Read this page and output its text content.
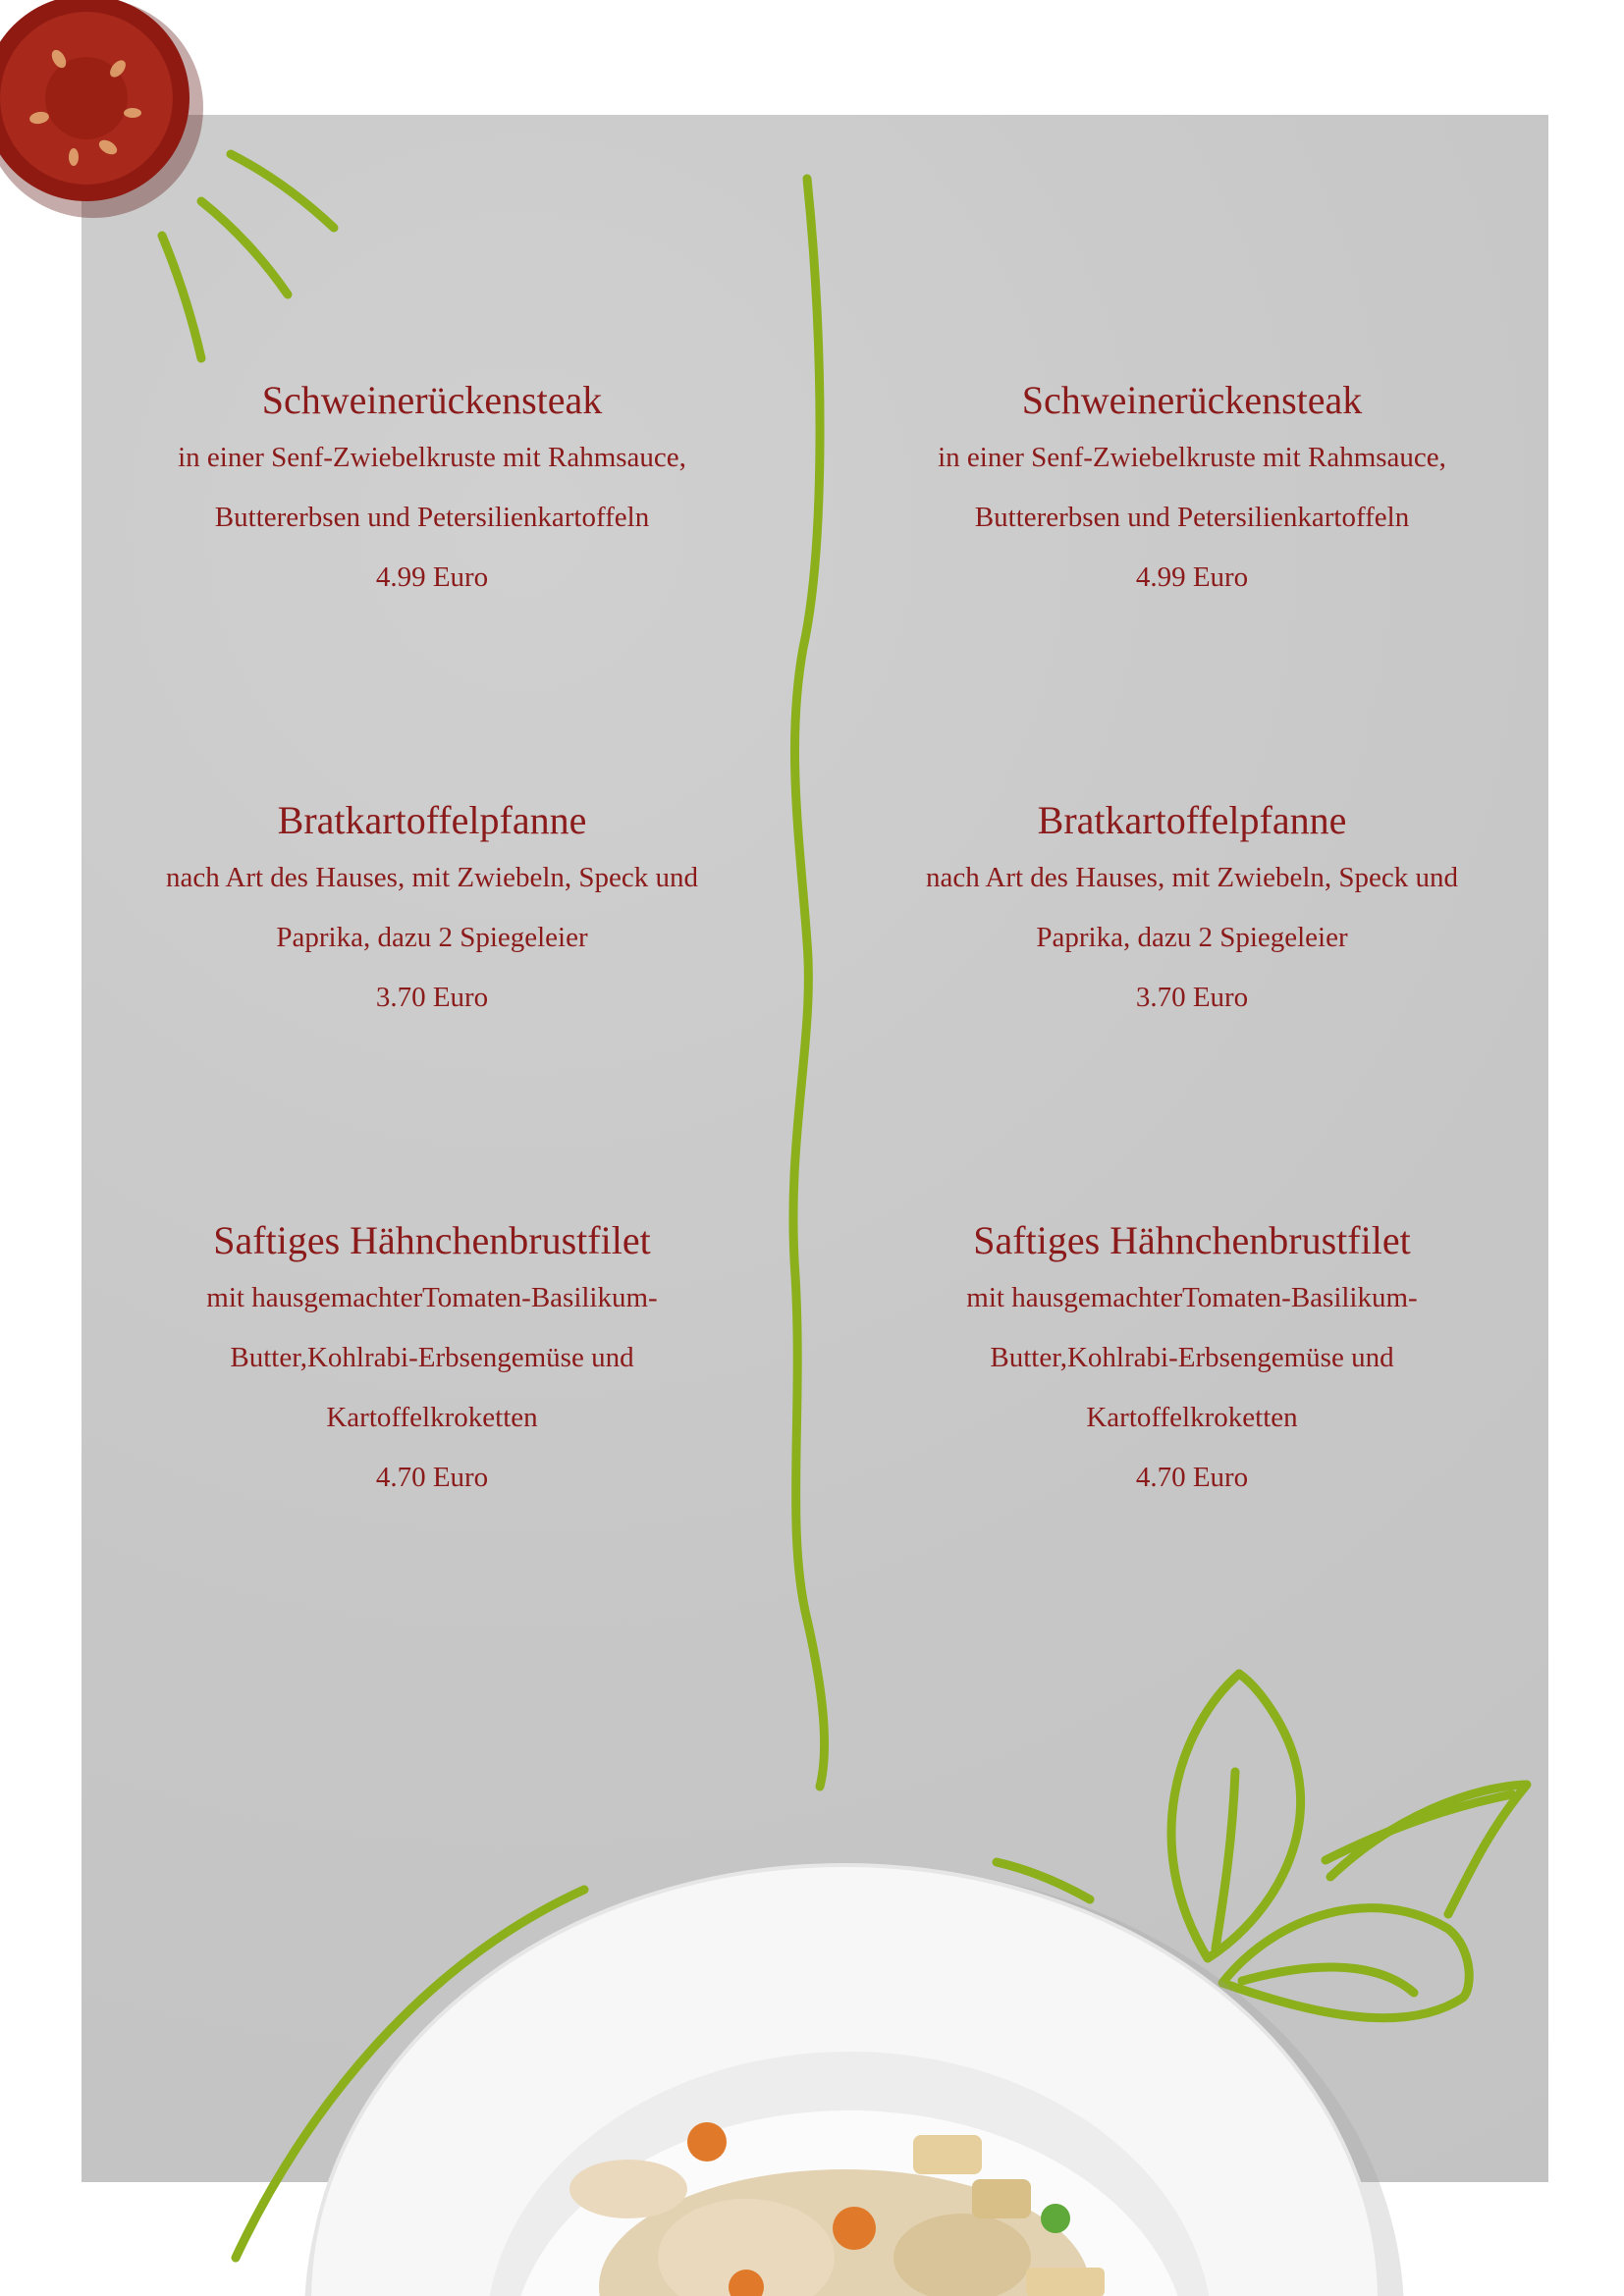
Schweinerückensteak

in einer Senf-Zwiebelkruste mit Rahmsauce,

Buttererbsen und Petersilienkartoffeln

4.99 Euro

Bratkartoffelpfanne

nach Art des Hauses, mit Zwiebeln, Speck und

Paprika, dazu 2 Spiegeleier

3.70 Euro

Saftiges Hähnchenbrustfilet

mit hausgemachterTomaten-Basilikum-

Butter,Kohlrabi-Erbsengemüse und

Kartoffelkroketten

4.70 Euro

Schweinerückensteak

in einer Senf-Zwiebelkruste mit Rahmsauce,

Buttererbsen und Petersilienkartoffeln

4.99 Euro

Bratkartoffelpfanne

nach Art des Hauses, mit Zwiebeln, Speck und

Paprika, dazu 2 Spiegeleier

3.70 Euro

Saftiges Hähnchenbrustfilet

mit hausgemachterTomaten-Basilikum-

Butter,Kohlrabi-Erbsengemüse und

Kartoffelkroketten

4.70 Euro
